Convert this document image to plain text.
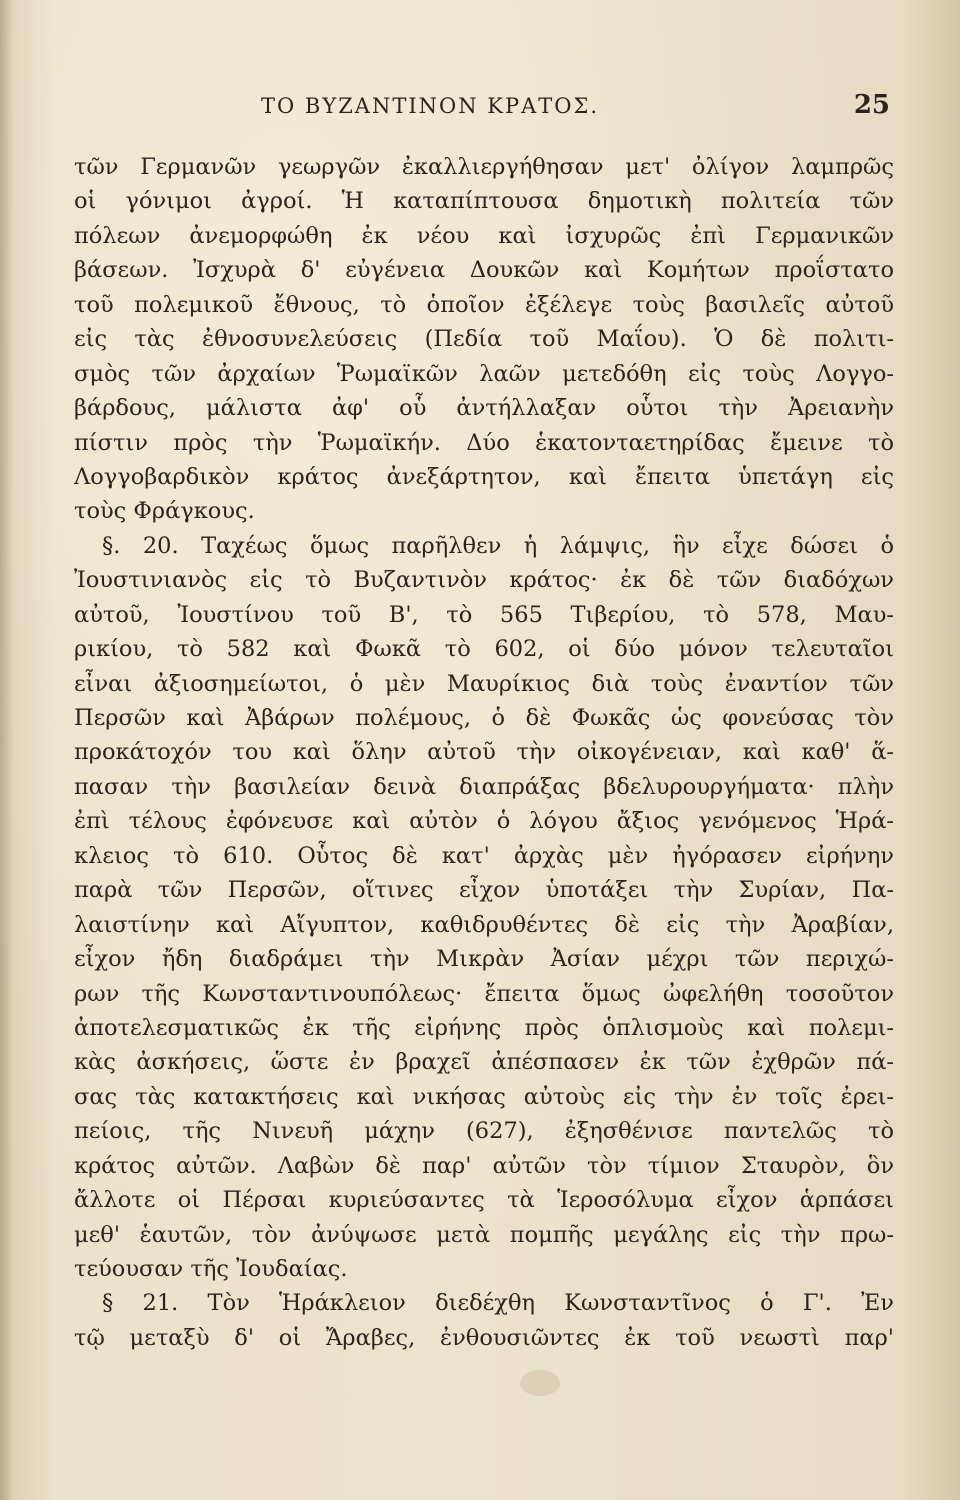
ΤΟ ΒΥΖΑΝΤΙΝΟΝ ΚΡΑΤΟΣ.	25
τῶν Γερμανῶν γεωργῶν ἐκαλλιεργήθησαν μετ' ὀλίγον λαμπρῶς
οἱ γόνιμοι ἀγροί. Ἡ καταπίπτουσα δημοτικὴ πολιτεία τῶν
πόλεων ἀνεμορφώθη ἐκ νέου καὶ ἰσχυρῶς ἐπὶ Γερμανικῶν
βάσεων. Ἰσχυρὰ δ' εὐγένεια Δουκῶν καὶ Κομήτων προΐστατο
τοῦ πολεμικοῦ ἔθνους, τὸ ὁποῖον ἐξέλεγε τοὺς βασιλεῖς αὐτοῦ
εἰς τὰς ἐθνοσυνελεύσεις (Πεδία τοῦ Μαΐου). Ὁ δὲ πολιτι-
σμὸς τῶν ἀρχαίων Ῥωμαϊκῶν λαῶν μετεδόθη εἰς τοὺς Λογγο-
βάρδους, μάλιστα ἀφ' οὗ ἀντήλλαξαν οὗτοι τὴν Ἀρειανὴν
πίστιν πρὸς τὴν Ῥωμαϊκήν. Δύο ἑκατονταετηρίδας ἔμεινε τὸ
Λογγοβαρδικὸν κράτος ἀνεξάρτητον, καὶ ἔπειτα ὑπετάγη εἰς
τοὺς Φράγκους.
§. 20. Ταχέως ὅμως παρῆλθεν ἡ λάμψις, ἣν εἶχε δώσει ὁ
Ἰουστινιανὸς εἰς τὸ Βυζαντινὸν κράτος· ἐκ δὲ τῶν διαδόχων
αὐτοῦ, Ἰουστίνου τοῦ Β', τὸ 565 Τιβερίου, τὸ 578, Μαυ-
ρικίου, τὸ 582 καὶ Φωκᾶ τὸ 602, οἱ δύο μόνον τελευταῖοι
εἶναι ἀξιοσημείωτοι, ὁ μὲν Μαυρίκιος διὰ τοὺς ἐναντίον τῶν
Περσῶν καὶ Ἀβάρων πολέμους, ὁ δὲ Φωκᾶς ὡς φονεύσας τὸν
προκάτοχόν του καὶ ὅλην αὐτοῦ τὴν οἰκογένειαν, καὶ καθ' ἅ-
πασαν τὴν βασιλείαν δεινὰ διαπράξας βδελυρουργήματα· πλὴν
ἐπὶ τέλους ἐφόνευσε καὶ αὐτὸν ὁ λόγου ἄξιος γενόμενος Ἡρά-
κλειος τὸ 610. Οὗτος δὲ κατ' ἀρχὰς μὲν ἠγόρασεν εἰρήνην
παρὰ τῶν Περσῶν, οἵτινες εἶχον ὑποτάξει τὴν Συρίαν, Πα-
λαιστίνην καὶ Αἴγυπτον, καθιδρυθέντες δὲ εἰς τὴν Ἀραβίαν,
εἶχον ἤδη διαδράμει τὴν Μικρὰν Ἀσίαν μέχρι τῶν περιχώ-
ρων τῆς Κωνσταντινουπόλεως· ἔπειτα ὅμως ὠφελήθη τοσοῦτον
ἀποτελεσματικῶς ἐκ τῆς εἰρήνης πρὸς ὁπλισμοὺς καὶ πολεμι-
κὰς ἀσκήσεις, ὥστε ἐν βραχεῖ ἀπέσπασεν ἐκ τῶν ἐχθρῶν πά-
σας τὰς κατακτήσεις καὶ νικήσας αὐτοὺς εἰς τὴν ἐν τοῖς ἐρει-
πείοις, τῆς Νινευῆ μάχην (627), ἐξησθένισε παντελῶς τὸ
κράτος αὐτῶν. Λαβὼν δὲ παρ' αὐτῶν τὸν τίμιον Σταυρὸν, ὃν
ἄλλοτε οἱ Πέρσαι κυριεύσαντες τὰ Ἱεροσόλυμα εἶχον ἁρπάσει
μεθ' ἑαυτῶν, τὸν ἀνύψωσε μετὰ πομπῆς μεγάλης εἰς τὴν πρω-
τεύουσαν τῆς Ἰουδαίας.
§ 21. Τὸν Ἡράκλειον διεδέχθη Κωνσταντῖνος ὁ Γ'. Ἐν
τῷ μεταξὺ δ' οἱ Ἄραβες, ἐνθουσιῶντες ἐκ τοῦ νεωστὶ παρ'
